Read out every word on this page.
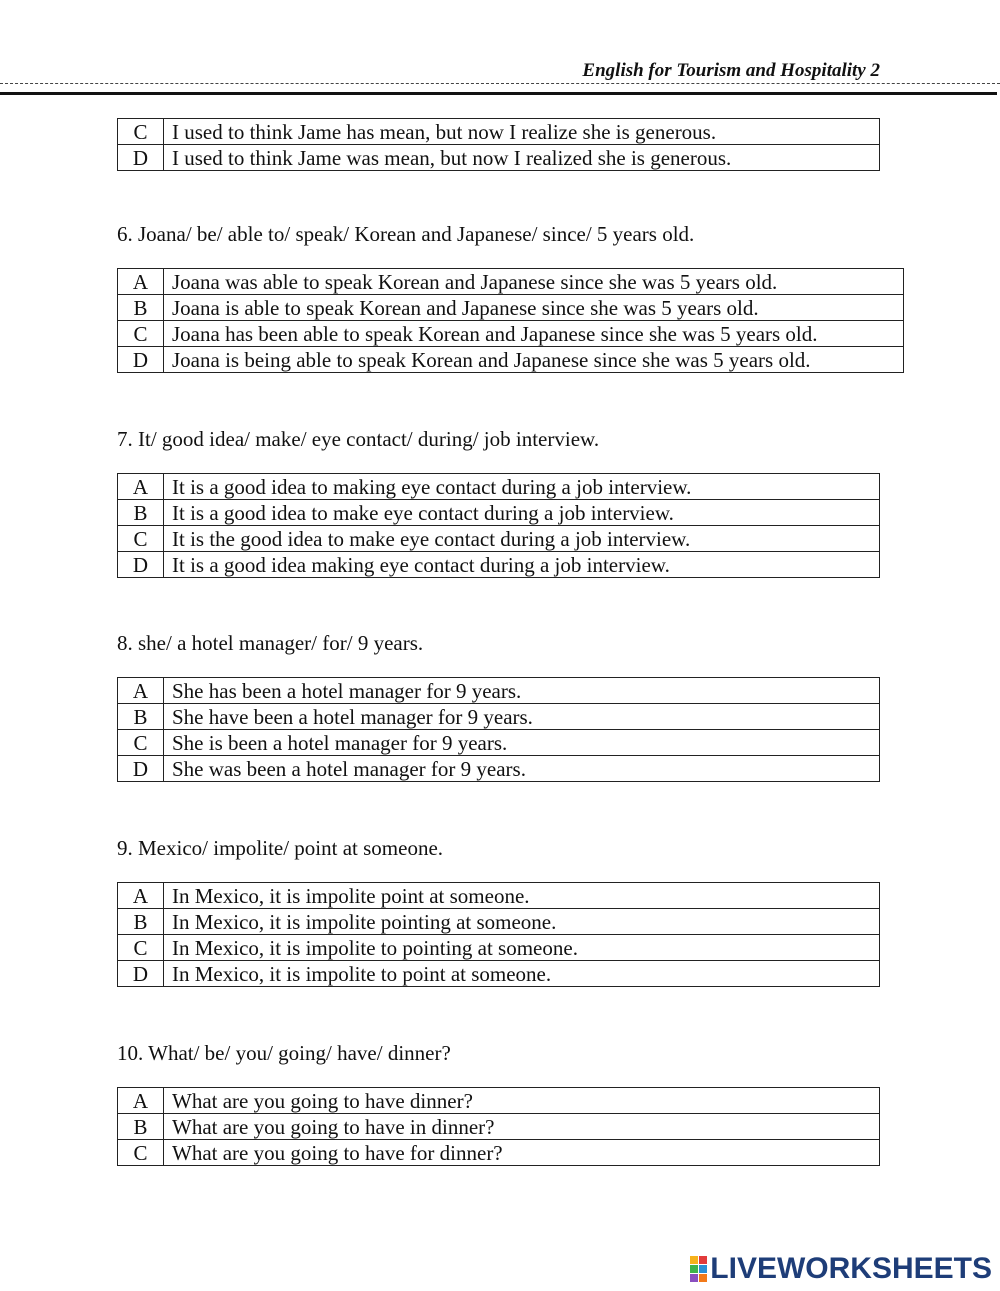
English for Tourism and Hospitality 2
C	I used to think Jame has mean, but now I realize she is generous.
D	I used to think Jame was mean, but now I realized she is generous.
6. Joana/ be/ able to/ speak/ Korean and Japanese/ since/ 5 years old.
A	Joana was able to speak Korean and Japanese since she was 5 years old.
B	Joana is able to speak Korean and Japanese since she was 5 years old.
C	Joana has been able to speak Korean and Japanese since she was 5 years old.
D	Joana is being able to speak Korean and Japanese since she was 5 years old.
7. It/ good idea/ make/ eye contact/ during/ job interview.
A	It is a good idea to making eye contact during a job interview.
B	It is a good idea to make eye contact during a job interview.
C	It is the good idea to make eye contact during a job interview.
D	It is a good idea making eye contact during a job interview.
8. she/ a hotel manager/ for/ 9 years.
A	She has been a hotel manager for 9 years.
B	She have been a hotel manager for 9 years.
C	She is been a hotel manager for 9 years.
D	She was been a hotel manager for 9 years.
9. Mexico/ impolite/ point at someone.
A	In Mexico, it is impolite point at someone.
B	In Mexico, it is impolite pointing at someone.
C	In Mexico, it is impolite to pointing at someone.
D	In Mexico, it is impolite to point at someone.
10. What/ be/ you/ going/ have/ dinner?
A	What are you going to have dinner?
B	What are you going to have in dinner?
C	What are you going to have for dinner?
LIVEWORKSHEETS
